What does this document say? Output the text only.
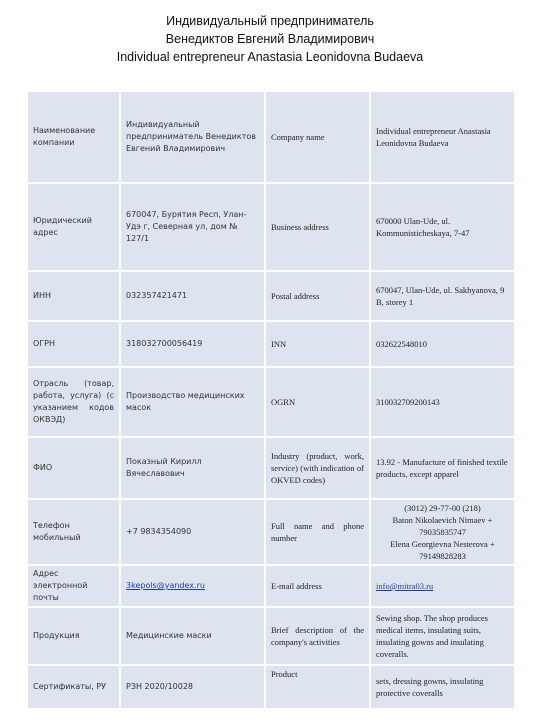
Индивидуальный предприниматель
Венедиктов Евгений Владимирович
Individual entrepreneur Anastasia Leonidovna Budaeva
Наименование компании	Индивидуальный предприниматель Венедиктов Евгений Владимирович	Company name	Individual entrepreneur Anastasia Leonidovna Budaeva
Юридический адрес	670047, Бурятия Респ, Улан-Удэ г, Северная ул, дом № 127/1	Business address	670000 Ulan-Ude, ul. Kommunisticheskaya, 7-47
ИНН	032357421471	Postal address	670047, Ulan-Ude, ul. Sakhyanova, 9 B, storey 1
ОГРН	318032700056419	INN	032622548010
Отрасль (товар, работа, услуга) (с указанием кодов ОКВЭД)	Производство медицинских масок	OGRN	310032709200143
ФИО	Показный Кирилл Вячеславович	Industry (product, work, service) (with indication of OKVED codes)	13.92 - Manufacture of finished textile products, except apparel
Телефон мобильный	+7 9834354090	Full name and phone number	(3012) 29-77-00 (218)
Baton Nikolaevich Nimaev + 79035835747
Elena Georgievna Nesterova + 79149828283

Адрес электронной почты	3kepols@yandex.ru	E-mail address	info@mitra03.ru
Продукция	Медицинские маски	Brief description of the company's activities	Sewing shop. The shop produces medical items, insulating suits, insulating gowns and insulating coveralls.
Сертификаты, РУ	РЗН 2020/10028	Product	sets, dressing gowns, insulating protective coveralls
